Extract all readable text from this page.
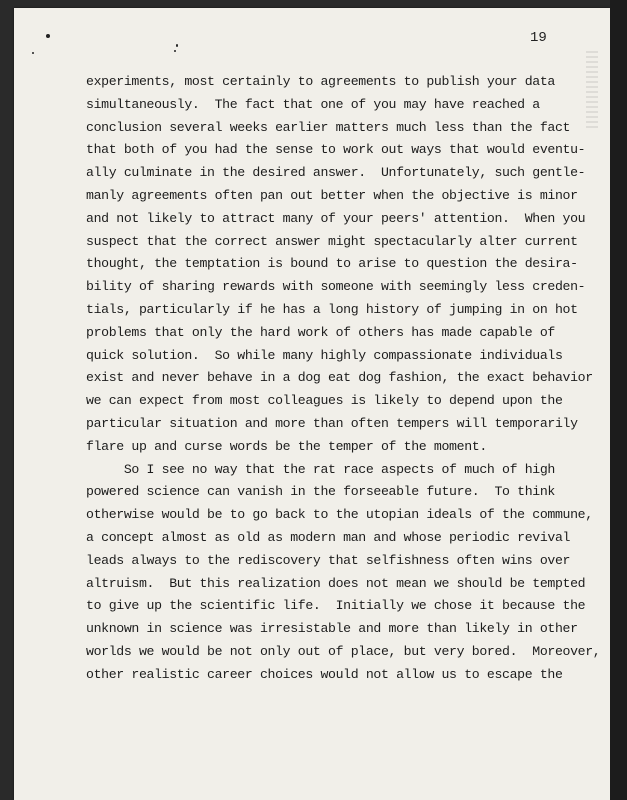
19
experiments, most certainly to agreements to publish your data
simultaneously.  The fact that one of you may have reached a
conclusion several weeks earlier matters much less than the fact
that both of you had the sense to work out ways that would eventu-
ally culminate in the desired answer.  Unfortunately, such gentle-
manly agreements often pan out better when the objective is minor
and not likely to attract many of your peers' attention.  When you
suspect that the correct answer might spectacularly alter current
thought, the temptation is bound to arise to question the desira-
bility of sharing rewards with someone with seemingly less creden-
tials, particularly if he has a long history of jumping in on hot
problems that only the hard work of others has made capable of
quick solution.  So while many highly compassionate individuals
exist and never behave in a dog eat dog fashion, the exact behavior
we can expect from most colleagues is likely to depend upon the
particular situation and more than often tempers will temporarily
flare up and curse words be the temper of the moment.
So I see no way that the rat race aspects of much of high
powered science can vanish in the forseeable future.  To think
otherwise would be to go back to the utopian ideals of the commune,
a concept almost as old as modern man and whose periodic revival
leads always to the rediscovery that selfishness often wins over
altruism.  But this realization does not mean we should be tempted
to give up the scientific life.  Initially we chose it because the
unknown in science was irresistable and more than likely in other
worlds we would be not only out of place, but very bored.  Moreover,
other realistic career choices would not allow us to escape the
